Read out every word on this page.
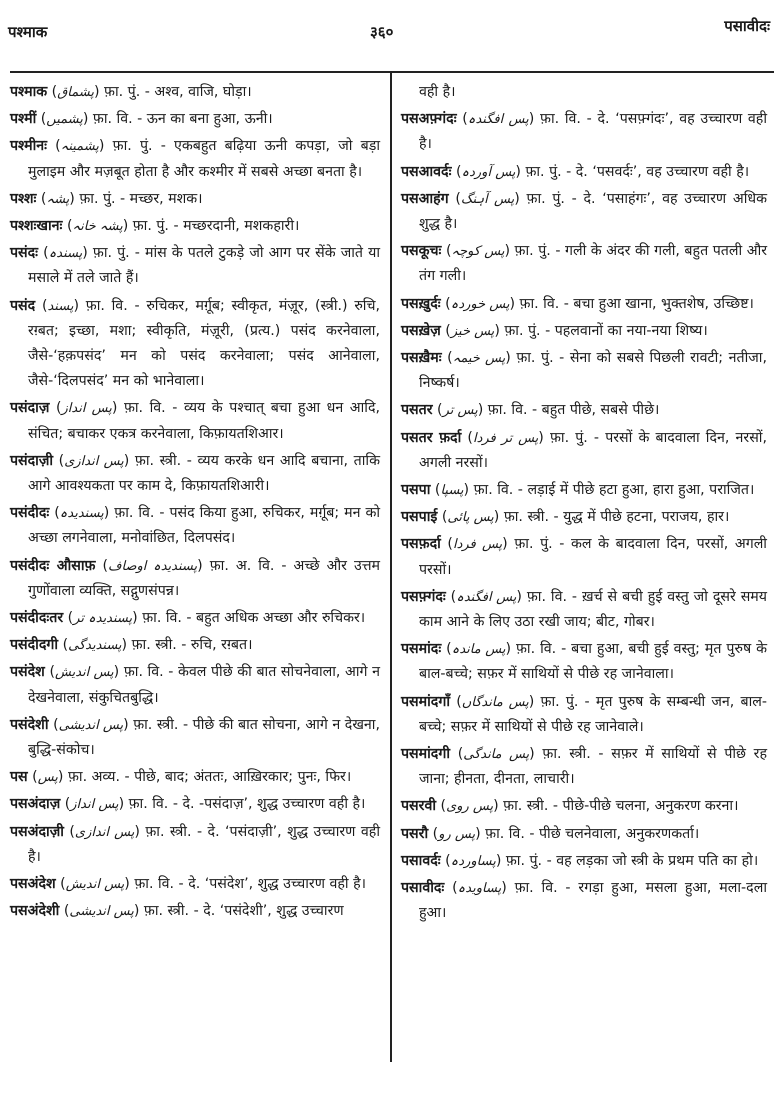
पश्माक	३६०	पसावीदः
पश्माक (پشماق) फ़ा. पुं. - अश्व, वाजि, घोड़ा।
पश्मीं (پشمیں) फ़ा. वि. - ऊन का बना हुआ, ऊनी।
पश्मीनः (پشمینہ) फ़ा. पुं. - एकबहुत बढ़िया ऊनी कपड़ा, जो बड़ा मुलाइम और मज़बूत होता है और कश्मीर में सबसे अच्छा बनता है।
पश्शः (پشہ) फ़ा. पुं. - मच्छर, मशक।
पश्शःखानः (پشہ خانہ) फ़ा. पुं. - मच्छरदानी, मशकहारी।
पसंदः (پسندہ) फ़ा. पुं. - मांस के पतले टुकड़े जो आग पर सेंके जाते या मसाले में तले जाते हैं।
पसंद (پسند) फ़ा. वि. - रुचिकर, मर्ग़ूब; स्वीकृत, मंज़ूर, (स्त्री.) रुचि, रग़्बत; इच्छा, मशा; स्वीकृति, मंज़ूरी, (प्रत्य.) पसंद करनेवाला, जैसे-‘हक़पसंद’ मन को पसंद करनेवाला; पसंद आनेवाला, जैसे-‘दिलपसंद’ मन को भानेवाला।
पसंदाज़ (پس انداز) फ़ा. वि. - व्यय के पश्चात् बचा हुआ धन आदि, संचित; बचाकर एकत्र करनेवाला, किफ़ायतशिआर।
पसंदाज़ी (پس اندازی) फ़ा. स्त्री. - व्यय करके धन आदि बचाना, ताकि आगे आवश्यकता पर काम दे, किफ़ायतशिआरी।
पसंदीदः (پسندیدہ) फ़ा. वि. - पसंद किया हुआ, रुचिकर, मर्ग़ूब; मन को अच्छा लगनेवाला, मनोवांछित, दिलपसंद।
पसंदीदः औसाफ़ (پسندیدہ اوصاف) फ़ा. अ. वि. - अच्छे और उत्तम गुणोंवाला व्यक्ति, सद्गुणसंपन्न।
पसंदीदःतर (پسندیدہ تر) फ़ा. वि. - बहुत अधिक अच्छा और रुचिकर।
पसंदीदगी (پسندیدگی) फ़ा. स्त्री. - रुचि, रग़्बत।
पसंदेश (پس اندیش) फ़ा. वि. - केवल पीछे की बात सोचनेवाला, आगे न देखनेवाला, संकुचितबुद्धि।
पसंदेशी (پس اندیشی) फ़ा. स्त्री. - पीछे की बात सोचना, आगे न देखना, बुद्धि-संकोच।
पस (پس) फ़ा. अव्य. - पीछे, बाद; अंततः, आख़िरकार; पुनः, फिर।
पसअंदाज़ (پس انداز) फ़ा. वि. - दे. -पसंदाज़’, शुद्ध उच्चारण वही है।
पसअंदाज़ी (پس اندازی) फ़ा. स्त्री. - दे. ‘पसंदाज़ी’, शुद्ध उच्चारण वही है।
पसअंदेश (پس اندیش) फ़ा. वि. - दे. ‘पसंदेश’, शुद्ध उच्चारण वही है।
पसअंदेशी (پس اندیشی) फ़ा. स्त्री. - दे. ‘पसंदेशी’, शुद्ध उच्चारण
वही है।
पसअफ़्गंदः (پس افگندہ) फ़ा. वि. - दे. ‘पसफ़्गंदः’, वह उच्चारण वही है।
पसआवर्दः (پس آوردہ) फ़ा. पुं. - दे. ‘पसवर्दः’, वह उच्चारण वही है।
पसआहंग (پس آہنگ) फ़ा. पुं. - दे. ‘पसाहंगः’, वह उच्चारण अधिक शुद्ध है।
पसकूचः (پس کوچہ) फ़ा. पुं. - गली के अंदर की गली, बहुत पतली और तंग गली।
पसख़ुर्दः (پس خوردہ) फ़ा. वि. - बचा हुआ खाना, भुक्तशेष, उच्छिष्ट।
पसख़ेज़ (پس خیز) फ़ा. पुं. - पहलवानों का नया-नया शिष्य।
पसख़ैमः (پس خیمہ) फ़ा. पुं. - सेना को सबसे पिछली रावटी; नतीजा, निष्कर्ष।
पसतर (پس تر) फ़ा. वि. - बहुत पीछे, सबसे पीछे।
पसतर फ़र्दा (پس تر فردا) फ़ा. पुं. - परसों के बादवाला दिन, नरसों, अगली नरसों।
पसपा (پسپا) फ़ा. वि. - लड़ाई में पीछे हटा हुआ, हारा हुआ, पराजित।
पसपाई (پس پائی) फ़ा. स्त्री. - युद्ध में पीछे हटना, पराजय, हार।
पसफ़र्दा (پس فردا) फ़ा. पुं. - कल के बादवाला दिन, परसों, अगली परसों।
पसफ़्गंदः (پس افگندہ) फ़ा. वि. - ख़र्च से बची हुई वस्तु जो दूसरे समय काम आने के लिए उठा रखी जाय; बीट, गोबर।
पसमांदः (پس ماندہ) फ़ा. वि. - बचा हुआ, बची हुई वस्तु; मृत पुरुष के बाल-बच्चे; सफ़र में साथियों से पीछे रह जानेवाला।
पसमांदगाँ (پس ماندگاں) फ़ा. पुं. - मृत पुरुष के सम्बन्धी जन, बाल-बच्चे; सफ़र में साथियों से पीछे रह जानेवाले।
पसमांदगी (پس ماندگی) फ़ा. स्त्री. - सफ़र में साथियों से पीछे रह जाना; हीनता, दीनता, लाचारी।
पसरवी (پس روی) फ़ा. स्त्री. - पीछे-पीछे चलना, अनुकरण करना।
पसरौ (پس رو) फ़ा. वि. - पीछे चलनेवाला, अनुकरणकर्ता।
पसावर्दः (پساوردہ) फ़ा. पुं. - वह लड़का जो स्त्री के प्रथम पति का हो।
पसावीदः (پساویدہ) फ़ा. वि. - रगड़ा हुआ, मसला हुआ, मला-दला हुआ।
